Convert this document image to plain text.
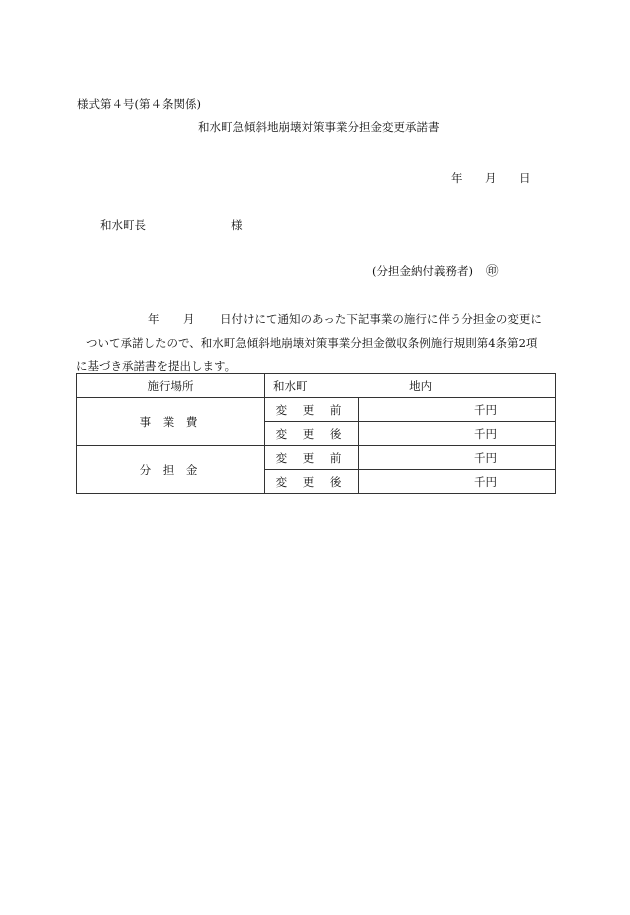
様式第４号(第４条関係)
和水町急傾斜地崩壊対策事業分担金変更承諾書
年 月 日
和水町長	様
(分担金納付義務者) ㊞
年 月 日付けにて通知のあった下記事業の施行に伴う分担金の変更に
ついて承諾したので、和水町急傾斜地崩壊対策事業分担金徴収条例施行規則第4条第2項
に基づき承諾書を提出します。
施行場所	和水町 地内	
事 業 費	変 更 前	千円
	変 更 後	千円
分 担 金	変 更 前	千円
	変 更 後	千円
